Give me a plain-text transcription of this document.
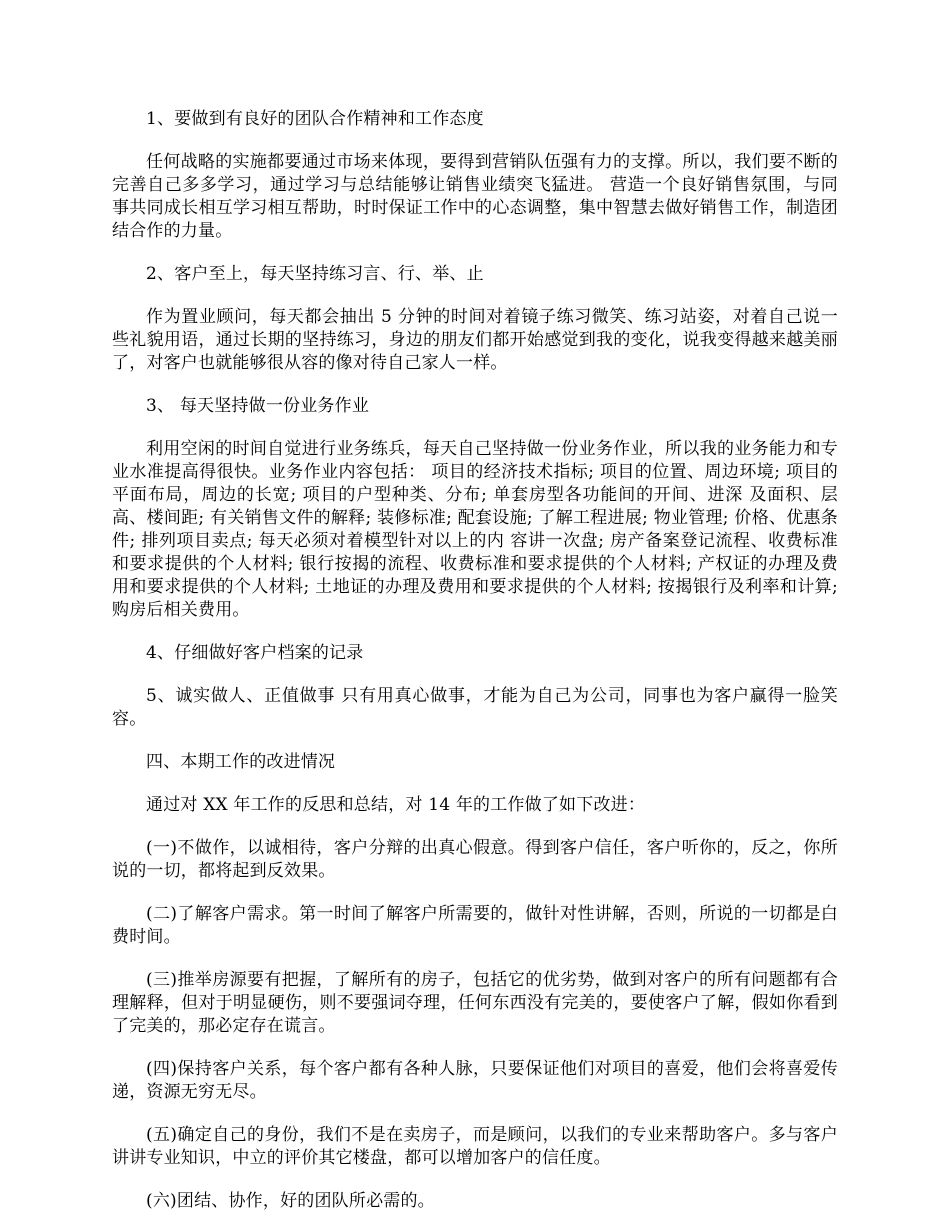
1、要做到有良好的团队合作精神和工作态度

任何战略的实施都要通过市场来体现，要得到营销队伍强有力的支撑。所以，我们要不断的完善自己多多学习，通过学习与总结能够让销售业绩突飞猛进。 营造一个良好销售氛围，与同事共同成长相互学习相互帮助，时时保证工作中的心态调整，集中智慧去做好销售工作，制造团结合作的力量。

2、客户至上，每天坚持练习言、行、举、止

作为置业顾问，每天都会抽出 5 分钟的时间对着镜子练习微笑、练习站姿，对着自己说一些礼貌用语，通过长期的坚持练习，身边的朋友们都开始感觉到我的变化，说我变得越来越美丽了，对客户也就能够很从容的像对待自己家人一样。

3、 每天坚持做一份业务作业

利用空闲的时间自觉进行业务练兵，每天自己坚持做一份业务作业，所以我的业务能力和专业水准提高得很快。业务作业内容包括： 项目的经济技术指标; 项目的位置、周边环境; 项目的平面布局，周边的长宽; 项目的户型种类、分布; 单套房型各功能间的开间、进深 及面积、层高、楼间距; 有关销售文件的解释; 装修标准; 配套设施; 了解工程进展; 物业管理; 价格、优惠条件; 排列项目卖点; 每天必须对着模型针对以上的内 容讲一次盘; 房产备案登记流程、收费标准和要求提供的个人材料; 银行按揭的流程、收费标准和要求提供的个人材料; 产权证的办理及费用和要求提供的个人材料; 土地证的办理及费用和要求提供的个人材料; 按揭银行及利率和计算; 购房后相关费用。

4、仔细做好客户档案的记录

5、诚实做人、正值做事 只有用真心做事，才能为自己为公司，同事也为客户赢得一脸笑容。

四、本期工作的改进情况

通过对 XX 年工作的反思和总结，对 14 年的工作做了如下改进：

(一)不做作，以诚相待，客户分辩的出真心假意。得到客户信任，客户听你的，反之，你所说的一切，都将起到反效果。

(二)了解客户需求。第一时间了解客户所需要的，做针对性讲解，否则，所说的一切都是白费时间。

(三)推举房源要有把握，了解所有的房子，包括它的优劣势，做到对客户的所有问题都有合理解释，但对于明显硬伤，则不要强词夺理，任何东西没有完美的，要使客户了解，假如你看到了完美的，那必定存在谎言。

(四)保持客户关系，每个客户都有各种人脉，只要保证他们对项目的喜爱，他们会将喜爱传递，资源无穷无尽。

(五)确定自己的身份，我们不是在卖房子，而是顾问，以我们的专业来帮助客户。多与客户讲讲专业知识，中立的评价其它楼盘，都可以增加客户的信任度。

(六)团结、协作，好的团队所必需的。
